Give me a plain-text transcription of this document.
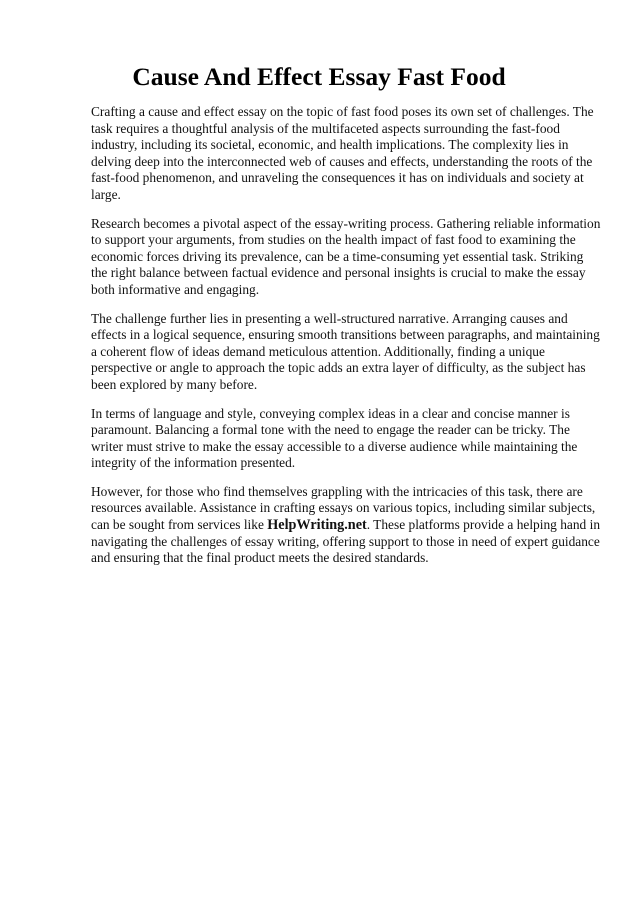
Cause And Effect Essay Fast Food

Crafting a cause and effect essay on the topic of fast food poses its own set of challenges. The task requires a thoughtful analysis of the multifaceted aspects surrounding the fast-food industry, including its societal, economic, and health implications. The complexity lies in delving deep into the interconnected web of causes and effects, understanding the roots of the fast-food phenomenon, and unraveling the consequences it has on individuals and society at large.

Research becomes a pivotal aspect of the essay-writing process. Gathering reliable information to support your arguments, from studies on the health impact of fast food to examining the economic forces driving its prevalence, can be a time-consuming yet essential task. Striking the right balance between factual evidence and personal insights is crucial to make the essay both informative and engaging.

The challenge further lies in presenting a well-structured narrative. Arranging causes and effects in a logical sequence, ensuring smooth transitions between paragraphs, and maintaining a coherent flow of ideas demand meticulous attention. Additionally, finding a unique perspective or angle to approach the topic adds an extra layer of difficulty, as the subject has been explored by many before.

In terms of language and style, conveying complex ideas in a clear and concise manner is paramount. Balancing a formal tone with the need to engage the reader can be tricky. The writer must strive to make the essay accessible to a diverse audience while maintaining the integrity of the information presented.

However, for those who find themselves grappling with the intricacies of this task, there are resources available. Assistance in crafting essays on various topics, including similar subjects, can be sought from services like HelpWriting.net. These platforms provide a helping hand in navigating the challenges of essay writing, offering support to those in need of expert guidance and ensuring that the final product meets the desired standards.
